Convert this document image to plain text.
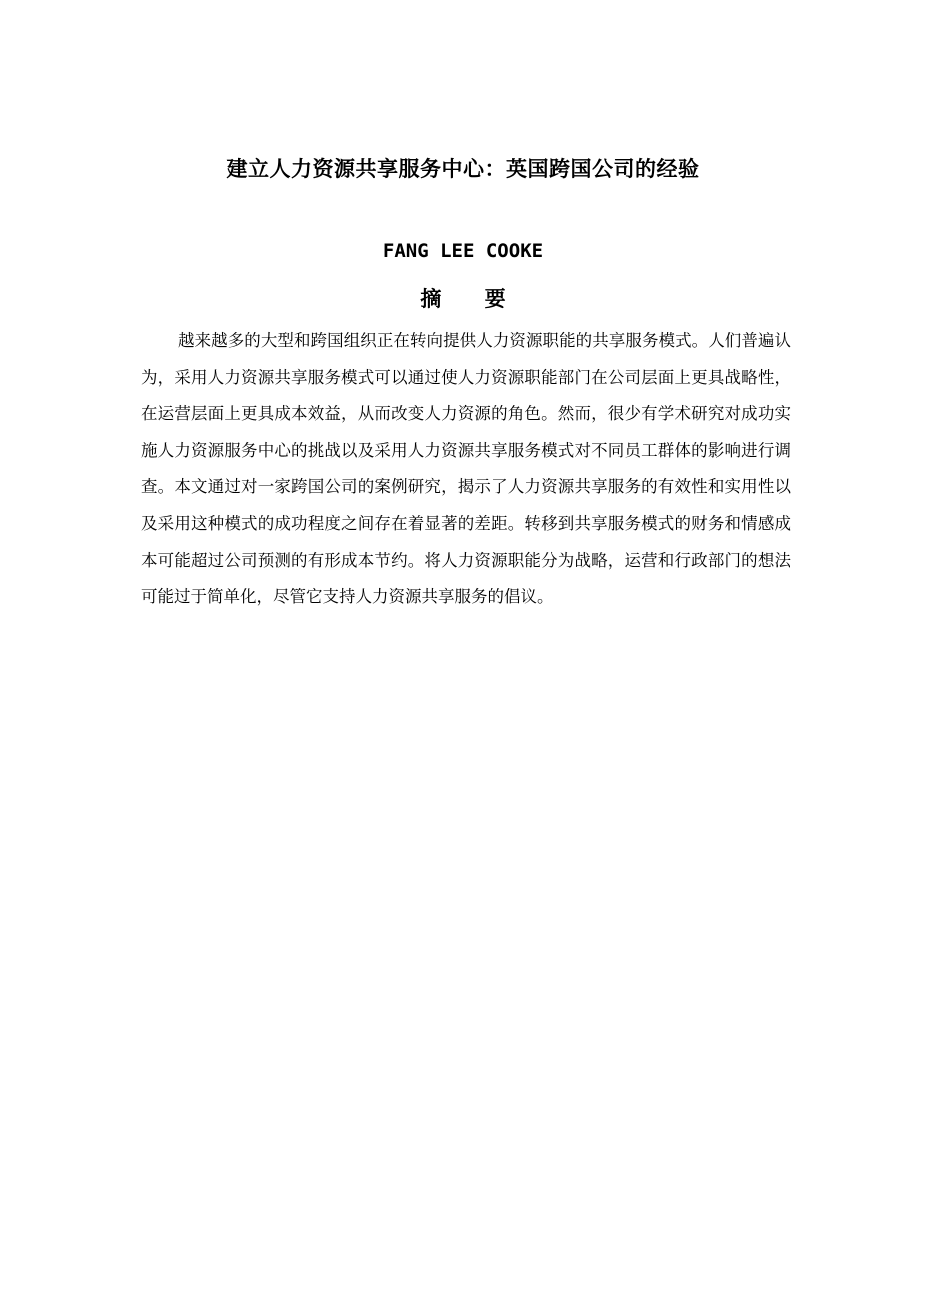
建立人力资源共享服务中心：英国跨国公司的经验
FANG LEE COOKE
摘 要

越来越多的大型和跨国组织正在转向提供人力资源职能的共享服务模式。人们普遍认为，采用人力资源共享服务模式可以通过使人力资源职能部门在公司层面上更具战略性，在运营层面上更具成本效益，从而改变人力资源的角色。然而，很少有学术研究对成功实施人力资源服务中心的挑战以及采用人力资源共享服务模式对不同员工群体的影响进行调查。本文通过对一家跨国公司的案例研究，揭示了人力资源共享服务的有效性和实用性以及采用这种模式的成功程度之间存在着显著的差距。转移到共享服务模式的财务和情感成本可能超过公司预测的有形成本节约。将人力资源职能分为战略，运营和行政部门的想法可能过于简单化，尽管它支持人力资源共享服务的倡议。
